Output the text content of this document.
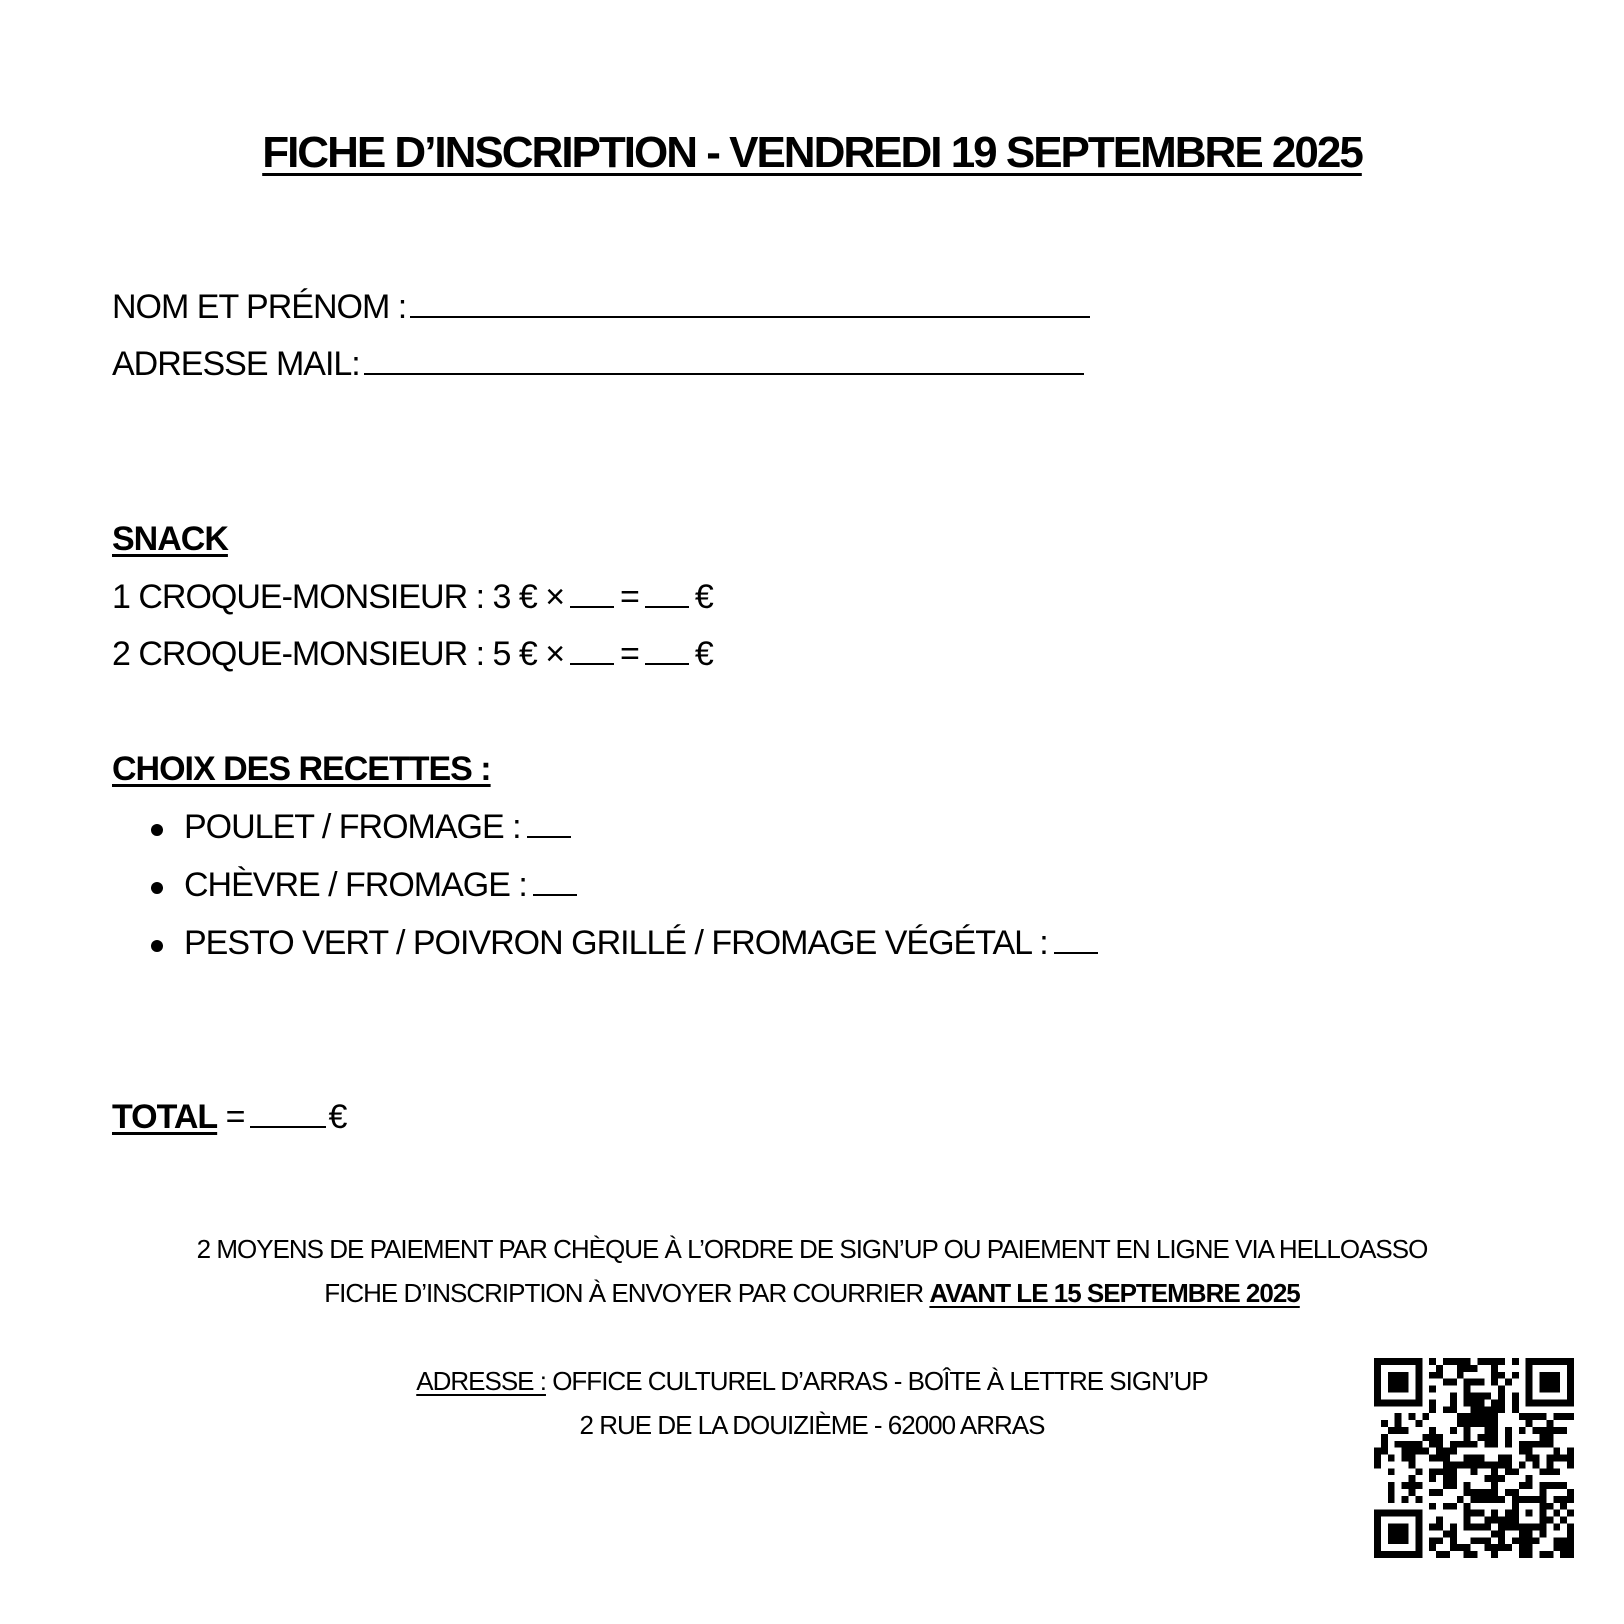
FICHE D’INSCRIPTION - VENDREDI 19 SEPTEMBRE 2025
NOM ET PRÉNOM :
ADRESSE MAIL:
SNACK
1 CROQUE-MONSIEUR : 3 € × = €
2 CROQUE-MONSIEUR : 5 € × = €
CHOIX DES RECETTES :
POULET / FROMAGE :
CHÈVRE / FROMAGE :
PESTO VERT / POIVRON GRILLÉ / FROMAGE VÉGÉTAL :
TOTAL = €
2 MOYENS DE PAIEMENT PAR CHÈQUE À L’ORDRE DE SIGN’UP OU PAIEMENT EN LIGNE VIA HELLOASSO
FICHE D’INSCRIPTION À ENVOYER PAR COURRIER AVANT LE 15 SEPTEMBRE 2025
ADRESSE : OFFICE CULTUREL D’ARRAS - BOÎTE À LETTRE SIGN’UP
2 RUE DE LA DOUIZIÈME - 62000 ARRAS
